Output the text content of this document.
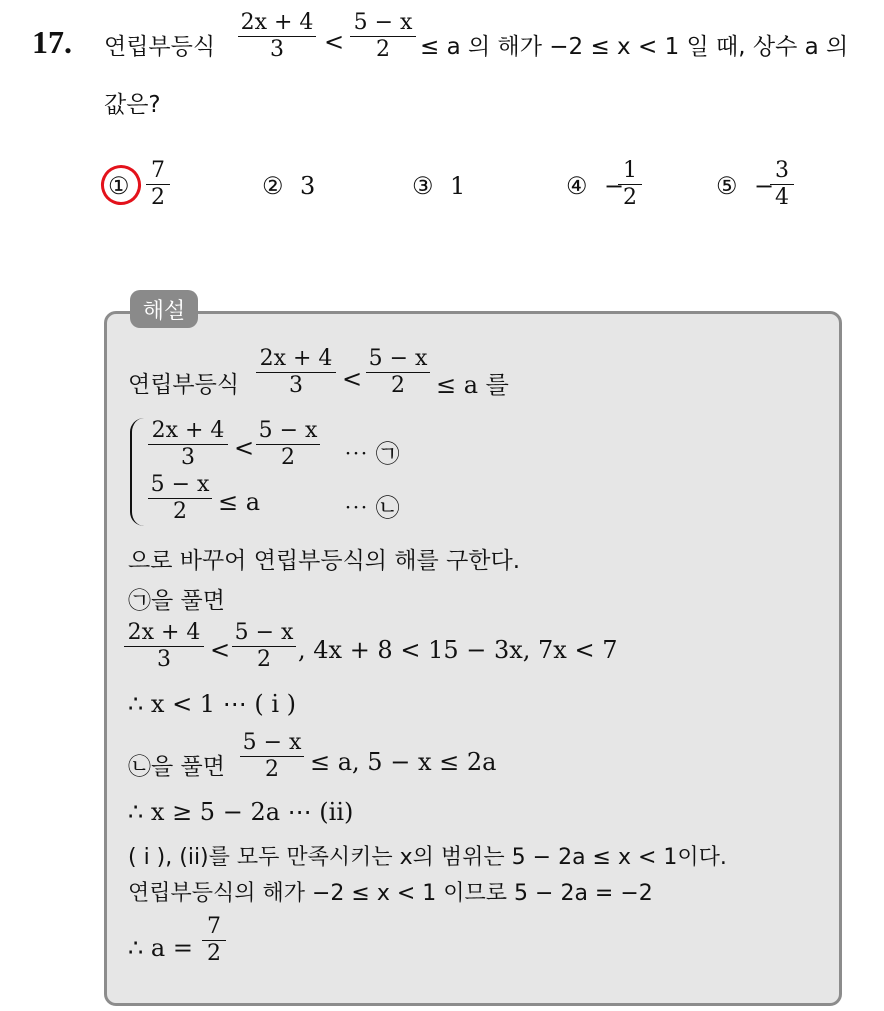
17. 연립부등식 $\frac{2x + 4}{3} < \frac{5 - x}{2} \le a$ 의 해가 −2 ≤ x < 1 일 때, 상수 a 의
값은?
① $\frac{7}{2}$	② 3	③ 1	④ −
$\frac{1}{2}$	⑤ −
$\frac{3}{4}$
해설
연립부등식 $\frac{2x + 4}{3} < \frac{5 - x}{2} \le a$ 를
$\frac{2x + 4}{3} < \frac{5 - x}{2}$ ⋯ ㉠
$\frac{5 - x}{2} \le a$	⋯ ㉡
으로 바꾸어 연립부등식의 해를 구한다.
㉠을 풀면
$\frac{2x + 4}{3} < \frac{5 - x}{2}$ , 4x + 8 < 15 − 3x, 7x < 7
∴ x < 1 ⋯ ( i )
㉡을 풀면 $\frac{5 - x}{2} \le a$, 5 − x ≤ 2a
∴ x ≥ 5 − 2a ⋯ (ii)
( i ), (ii)를 모두 만족시키는 x의 범위는 5 − 2a ≤ x < 1이다.
연립부등식의 해가 −2 ≤ x < 1 이므로 5 − 2a = −2
∴ $a = \frac{7}{2}$
